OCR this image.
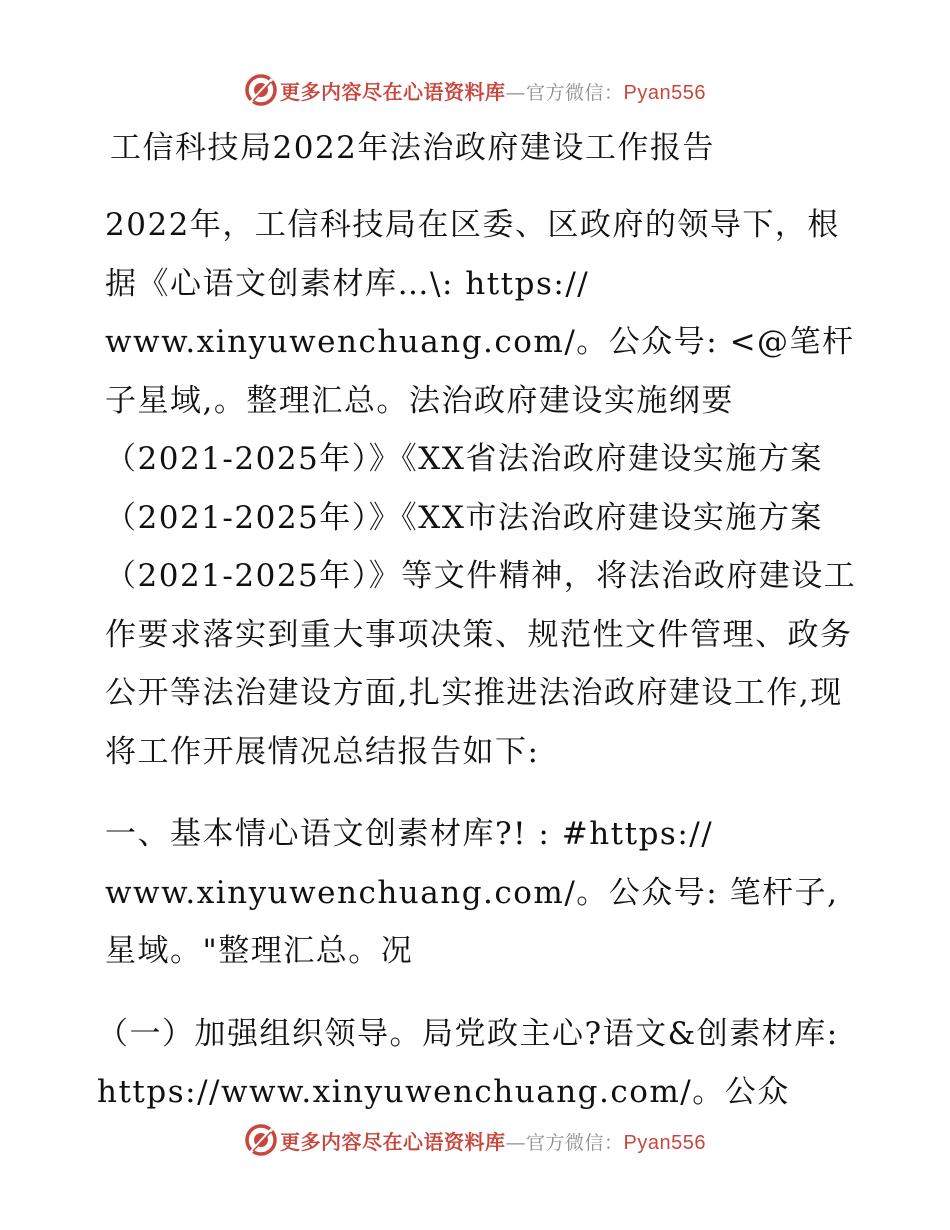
更多内容尽在心语资料库—官方微信：Pyan556
工信科技局2022年法治政府建设工作报告

2022年，工信科技局在区委、区政府的领导下，根据《心语文创素材库…\: https:// www.xinyuwenchuang.com/。公众号: <@笔杆子星域,。整理汇总。法治政府建设实施纲要（2021-2025年）》《XX省法治政府建设实施方案（2021-2025年）》《XX市法治政府建设实施方案（2021-2025年）》等文件精神，将法治政府建设工作要求落实到重大事项决策、规范性文件管理、政务公开等法治建设方面,扎实推进法治政府建设工作,现将工作开展情况总结报告如下:

一、基本情心语文创素材库?! : #https:// www.xinyuwenchuang.com/。公众号: 笔杆子,星域。"整理汇总。况

（一）加强组织领导。局党政主心?语文&创素材库: https://www.xinyuwenchuang.com/。公众

更多内容尽在心语资料库—官方微信：Pyan556
